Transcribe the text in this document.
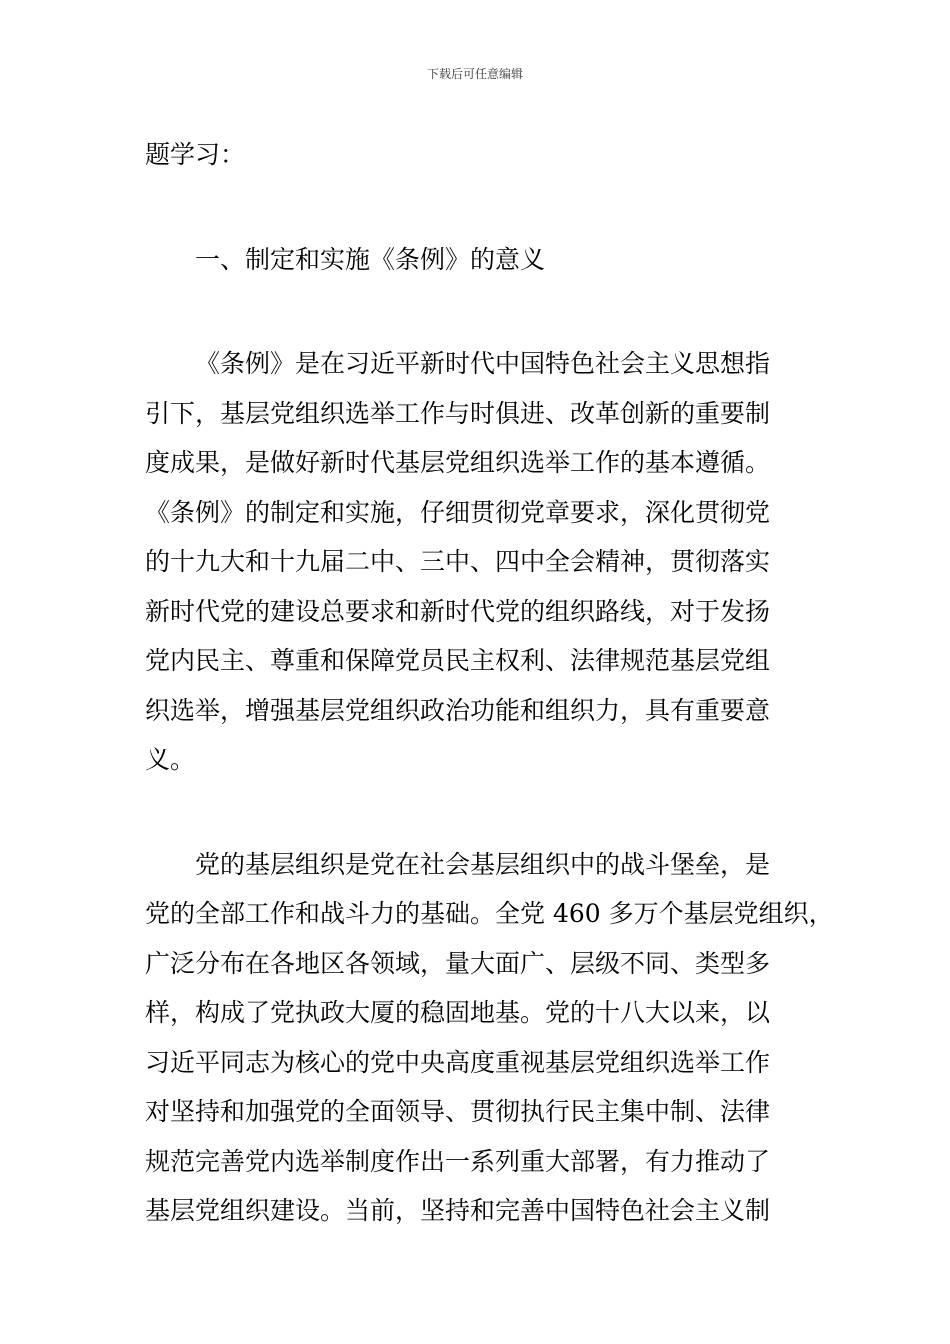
下载后可任意编辑
题学习：
一、制定和实施《条例》的意义
《条例》是在习近平新时代中国特色社会主义思想指
引下，基层党组织选举工作与时俱进、改革创新的重要制
度成果，是做好新时代基层党组织选举工作的基本遵循。
《条例》的制定和实施，仔细贯彻党章要求，深化贯彻党
的十九大和十九届二中、三中、四中全会精神，贯彻落实
新时代党的建设总要求和新时代党的组织路线，对于发扬
党内民主、尊重和保障党员民主权利、法律规范基层党组
织选举，增强基层党组织政治功能和组织力，具有重要意
义。
党的基层组织是党在社会基层组织中的战斗堡垒，是
党的全部工作和战斗力的基础。全党 460 多万个基层党组织，
广泛分布在各地区各领域，量大面广、层级不同、类型多
样，构成了党执政大厦的稳固地基。党的十八大以来，以
习近平同志为核心的党中央高度重视基层党组织选举工作
对坚持和加强党的全面领导、贯彻执行民主集中制、法律
规范完善党内选举制度作出一系列重大部署，有力推动了
基层党组织建设。当前，坚持和完善中国特色社会主义制
